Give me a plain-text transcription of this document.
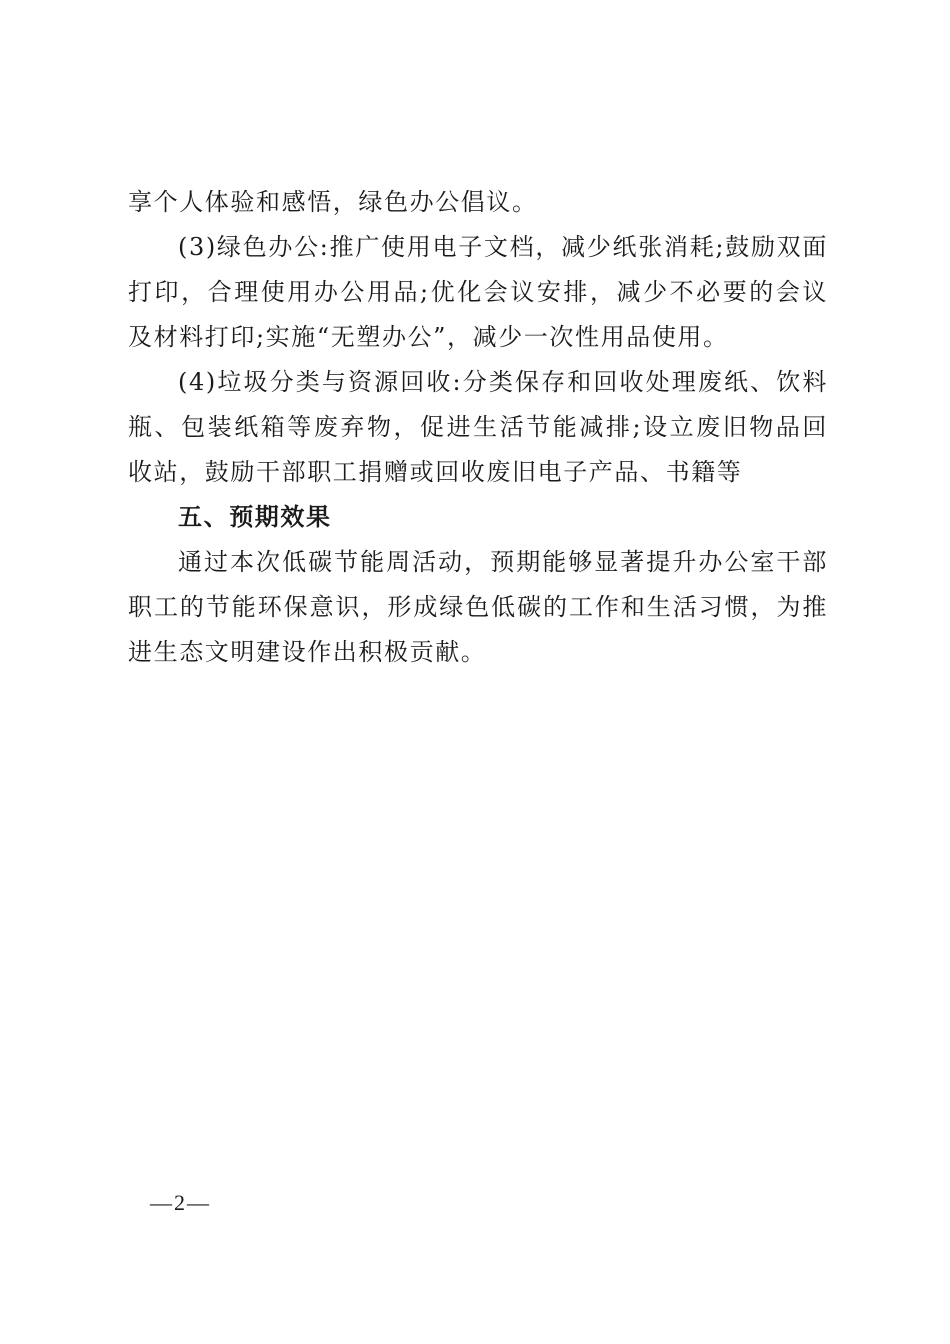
享个人体验和感悟，绿色办公倡议。

(3)绿色办公:推广使用电子文档，减少纸张消耗;鼓励双面打印，合理使用办公用品;优化会议安排，减少不必要的会议及材料打印;实施“无塑办公”，减少一次性用品使用。

(4)垃圾分类与资源回收:分类保存和回收处理废纸、饮料瓶、包装纸箱等废弃物，促进生活节能减排;设立废旧物品回收站，鼓励干部职工捐赠或回收废旧电子产品、书籍等

五、预期效果

通过本次低碳节能周活动，预期能够显著提升办公室干部职工的节能环保意识，形成绿色低碳的工作和生活习惯，为推进生态文明建设作出积极贡献。

—2—
